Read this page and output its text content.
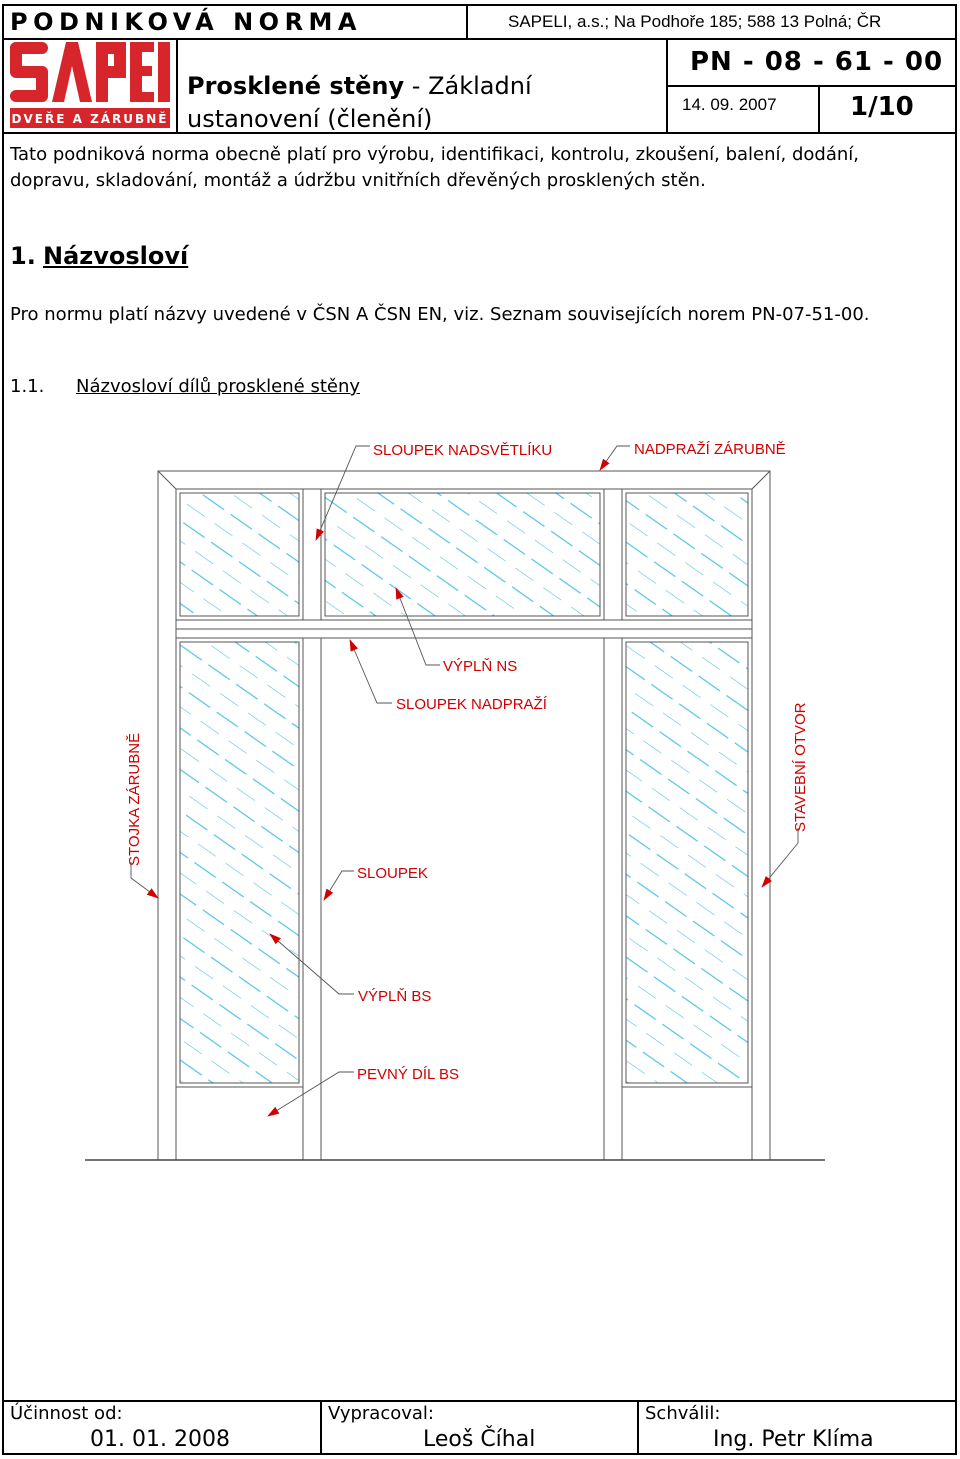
PODNIKOVÁ NORMA	SAPELI, a.s.; Na Podhoře 185; 588 13 Polná; ČR
DVEŘE A ZÁRUBNĚ
Prosklené stěny - Základní
ustanovení (členění)
PN - 08 - 61 - 00
14. 09. 2007	1/10
Tato podniková norma obecně platí pro výrobu, identifikaci, kontrolu, zkoušení, balení, dodání, dopravu, skladování, montáž a údržbu vnitřních dřevěných prosklených stěn.
1. Názvosloví
Pro normu platí názvy uvedené v ČSN A ČSN EN, viz. Seznam souvisejících norem PN-07-51-00.
1.1. Názvosloví dílů prosklené stěny
SLOUPEK NADSVĚTLÍKU	NADPRAŽÍ ZÁRUBNĚ
VÝPLŇ NS
SLOUPEK NADPRAŽÍ
STOJKA ZÁRUBNĚ	STAVEBNÍ OTVOR
SLOUPEK
VÝPLŇ BS
PEVNÝ DÍL BS
Účinnost od:
01. 01. 2008
Vypracoval:
Leoš Číhal
Schválil:
Ing. Petr Klíma
